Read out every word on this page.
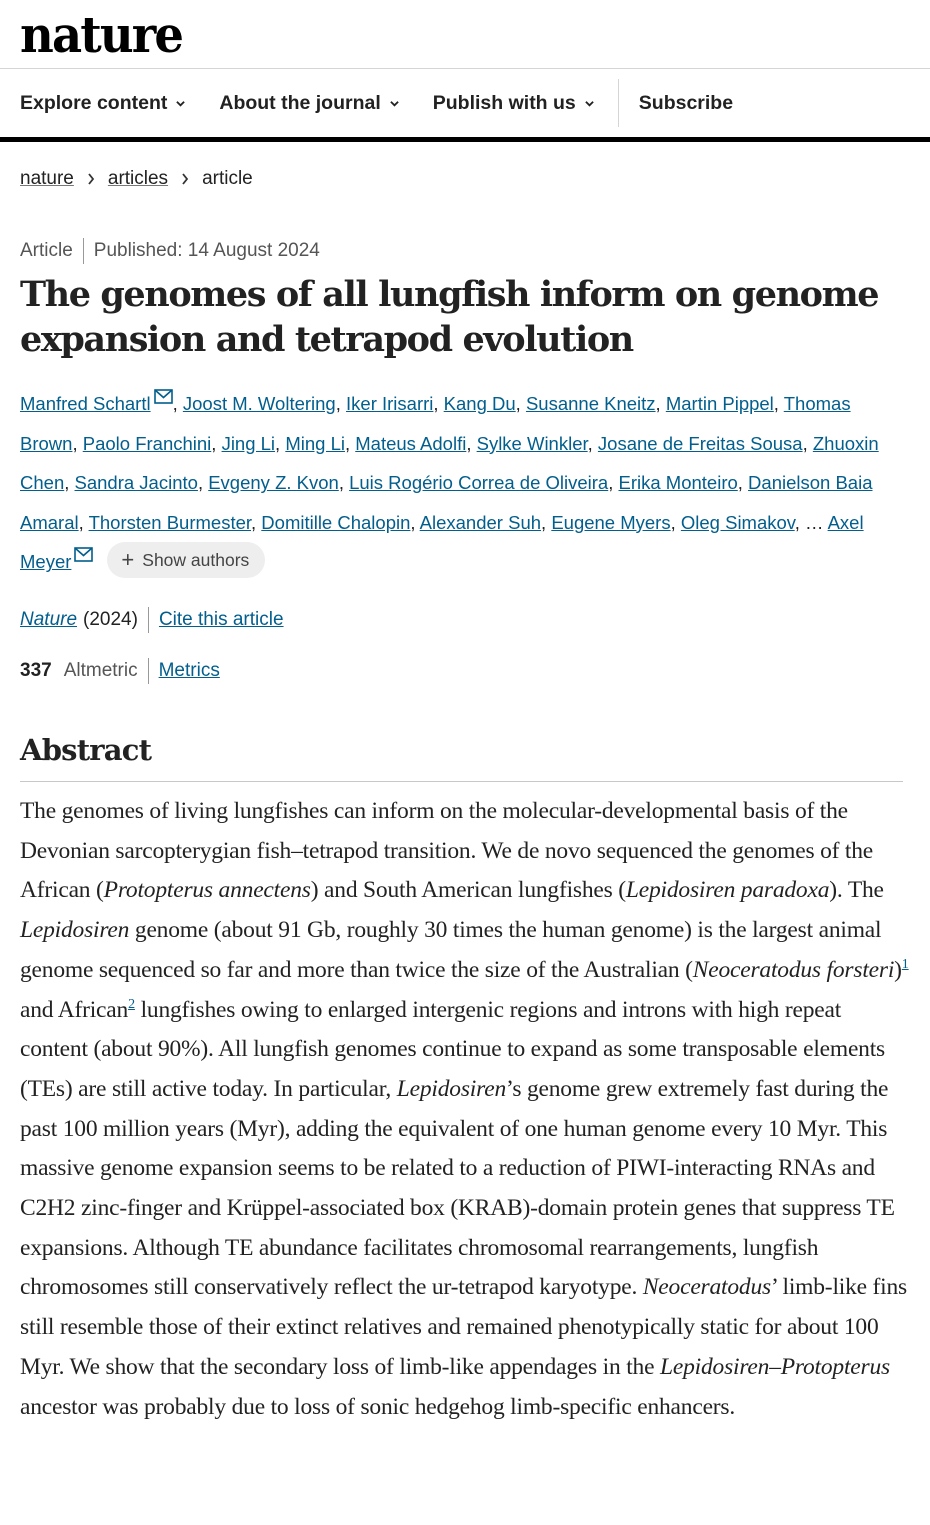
nature
Explore content	About the journal	Publish with us	Subscribe
nature articles article
Article Published: 14 August 2024
The genomes of all lungfish inform on genome expansion and tetrapod evolution
Manfred Schartl , Joost M. Woltering, Iker Irisarri, Kang Du, Susanne Kneitz, Martin Pippel, Thomas Brown, Paolo Franchini, Jing Li, Ming Li, Mateus Adolfi, Sylke Winkler, Josane de Freitas Sousa, Zhuoxin Chen, Sandra Jacinto, Evgeny Z. Kvon, Luis Rogério Correa de Oliveira, Erika Monteiro, Danielson Baia Amaral, Thorsten Burmester, Domitille Chalopin, Alexander Suh, Eugene Myers, Oleg Simakov, … Axel Meyer + Show authors
Nature (2024) Cite this article
337 Altmetric Metrics
Abstract

The genomes of living lungfishes can inform on the molecular-developmental basis of the Devonian sarcopterygian fish–tetrapod transition. We de novo sequenced the genomes of the African (Protopterus annectens) and South American lungfishes (Lepidosiren paradoxa). The Lepidosiren genome (about 91 Gb, roughly 30 times the human genome) is the largest animal genome sequenced so far and more than twice the size of the Australian (Neoceratodus forsteri)$^1$ and African$^2$ lungfishes owing to enlarged intergenic regions and introns with high repeat content (about 90%). All lungfish genomes continue to expand as some transposable elements (TEs) are still active today. In particular, Lepidosiren’s genome grew extremely fast during the past 100 million years (Myr), adding the equivalent of one human genome every 10 Myr. This massive genome expansion seems to be related to a reduction of PIWI-interacting RNAs and C2H2 zinc-finger and Krüppel-associated box (KRAB)-domain protein genes that suppress TE expansions. Although TE abundance facilitates chromosomal rearrangements, lungfish chromosomes still conservatively reflect the ur-tetrapod karyotype. Neoceratodus’ limb-like fins still resemble those of their extinct relatives and remained phenotypically static for about 100 Myr. We show that the secondary loss of limb-like appendages in the Lepidosiren–Protopterus ancestor was probably due to loss of sonic hedgehog limb-specific enhancers.
